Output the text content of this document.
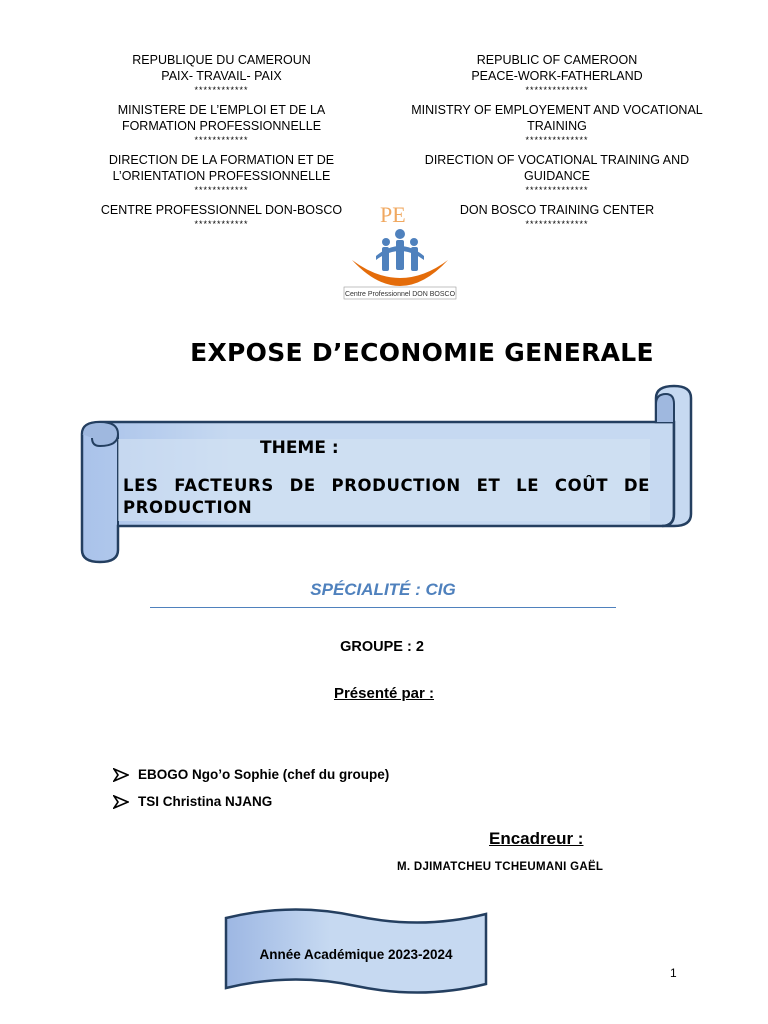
REPUBLIQUE DU CAMEROUN

PAIX- TRAVAIL- PAIX

************

MINISTERE DE L’EMPLOI ET DE LA FORMATION PROFESSIONNELLE

************

DIRECTION DE LA FORMATION ET DE L’ORIENTATION PROFESSIONNELLE

************

CENTRE PROFESSIONNEL DON-BOSCO

************

REPUBLIC OF CAMEROON

PEACE-WORK-FATHERLAND

**************

MINISTRY OF EMPLOYEMENT AND VOCATIONAL TRAINING

**************

DIRECTION OF VOCATIONAL TRAINING AND GUIDANCE

**************

DON BOSCO TRAINING CENTER

**************

PE
Centre Professionnel DON BOSCO
EXPOSE D’ECONOMIE GENERALE
THEME :
LES FACTEURS DE PRODUCTION ET LE COÛT DE PRODUCTION
SPÉCIALITÉ : CIG
GROUPE : 2
Présenté par :
EBOGO Ngo’o Sophie (chef du groupe)
TSI Christina NJANG
Encadreur :
M. DJIMATCHEU TCHEUMANI GAËL
Année Académique 2023-2024
1
